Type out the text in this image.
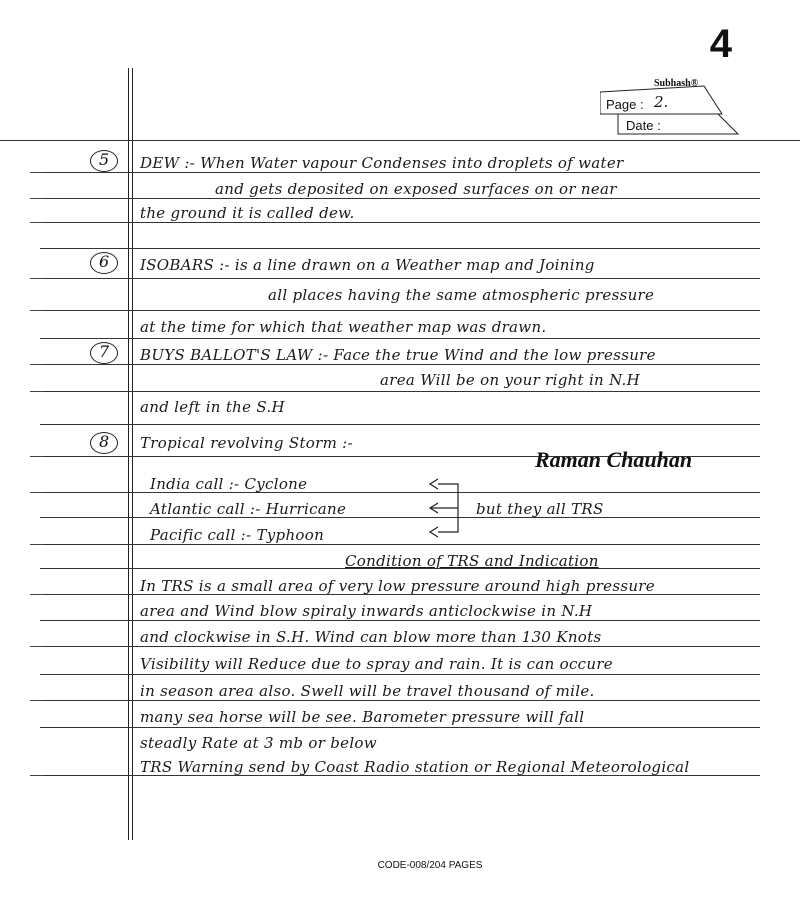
4
Subhash®
Page : 2.
Date :
5 DEW :- When Water vapour Condenses into droplets of water
and gets deposited on exposed surfaces on or near
the ground it is called dew.
6 ISOBARS :- is a line drawn on a Weather map and Joining
all places having the same atmospheric pressure
at the time for which that weather map was drawn.
7 BUYS BALLOT'S LAW :- Face the true Wind and the low pressure
area Will be on your right in N.H
and left in the S.H
8 Tropical revolving Storm :-
Raman Chauhan
India call :- Cyclone
Atlantic call :- Hurricane
Pacific call :- Typhoon
but they all TRS
Condition of TRS and Indication
In TRS is a small area of very low pressure around high pressure
area and Wind blow spiraly inwards anticlockwise in N.H
and clockwise in S.H. Wind can blow more than 130 Knots
Visibility will Reduce due to spray and rain. It is can occure
in season area also. Swell will be travel thousand of mile.
many sea horse will be see. Barometer pressure will fall
steadly Rate at 3 mb or below
TRS Warning send by Coast Radio station or Regional Meteorological
CODE-008/204 PAGES
